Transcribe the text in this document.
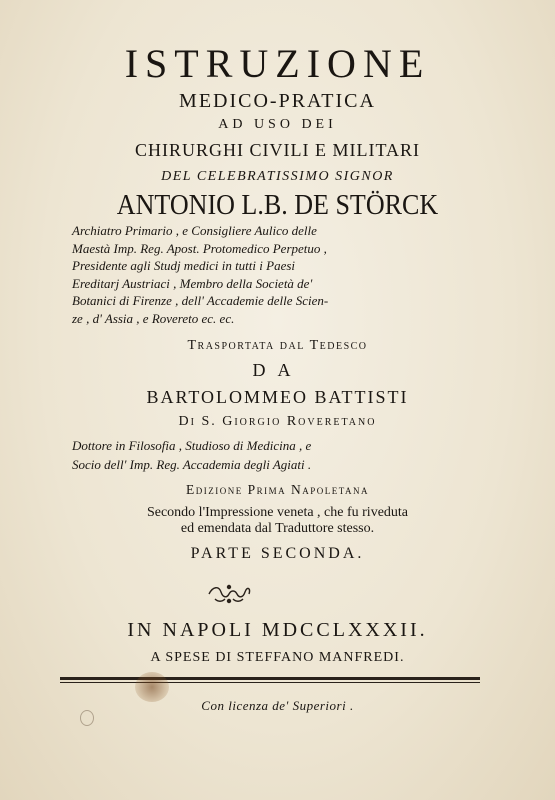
ISTRUZIONE
MEDICO-PRATICA
AD USO DEI
CHIRURGHI CIVILI E MILITARI
DEL CELEBRATISSIMO SIGNOR
ANTONIO L.B. DE STÖRCK
Archiatro Primario , e Consigliere Aulico delle
Maestà Imp. Reg. Apost. Protomedico Perpetuo ,
Presidente agli Studj medici in tutti i Paesi
Ereditarj Austriaci , Membro della Società de'
Botanici di Firenze , dell' Accademie delle Scien-
ze , d' Assia , e Rovereto ec. ec.
Trasportata dal Tedesco
DA
BARTOLOMMEO BATTISTI
Di S. Giorgio Roveretano
Dottore in Filosofia , Studioso di Medicina , e
Socio dell' Imp. Reg. Accademia degli Agiati .
Edizione Prima Napoletana
Secondo l'Impressione veneta , che fu riveduta
ed emendata dal Traduttore stesso.
PARTE SECONDA.
IN NAPOLI MDCCLXXXII.
A SPESE DI STEFFANO MANFREDI.
Con licenza de' Superiori .
